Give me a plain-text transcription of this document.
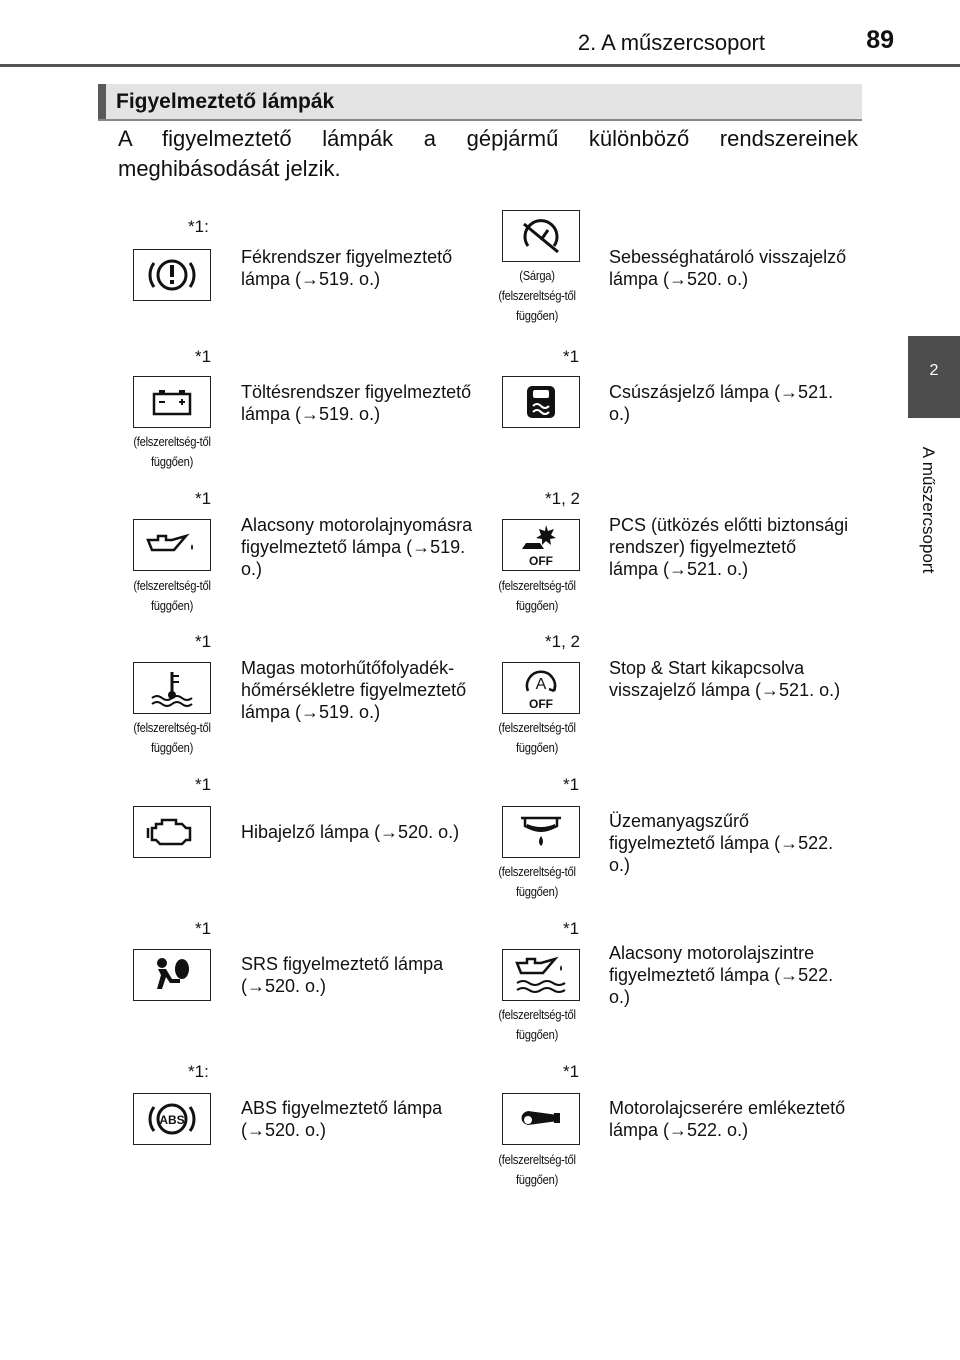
2. A műszercsoport	89
2
A műszercsoport
Figyelmeztető lámpák
A figyelmeztető lámpák a gépjármű különböző rendszereinek meghibásodását jelzik.
*1:
Fékrendszer figyelmeztető lámpa (→519. o.)	(Sárga) (felszereltség-től függően)
Sebességhatároló visszajelző lámpa (→520. o.)
*1
(felszereltség-től függően)
Töltésrendszer figyelmeztető lámpa (→519. o.)
*1
Csúszásjelző lámpa (→521. o.)
*1
(felszereltség-től függően)
Alacsony motorolajnyomásra figyelmeztető lámpa (→519. o.)
*1, 2
OFF
(felszereltség-től függően)
PCS (ütközés előtti biztonsági rendszer) figyelmeztető lámpa (→521. o.)
*1
(felszereltség-től függően)
Magas motorhűtőfolyadék-hőmérsékletre figyelmeztető lámpa (→519. o.)
*1, 2
A
OFF
(felszereltség-től függően)
Stop & Start kikapcsolva visszajelző lámpa (→521. o.)
*1
Hibajelző lámpa (→520. o.)
*1
(felszereltség-től függően)
Üzemanyagszűrő figyelmeztető lámpa (→522. o.)
*1
SRS figyelmeztető lámpa (→520. o.)
*1
(felszereltség-től függően)
Alacsony motorolajszintre figyelmeztető lámpa (→522. o.)
*1:
ABS
ABS figyelmeztető lámpa (→520. o.)
*1
(felszereltség-től függően)
Motorolajcserére emlékeztető lámpa (→522. o.)
